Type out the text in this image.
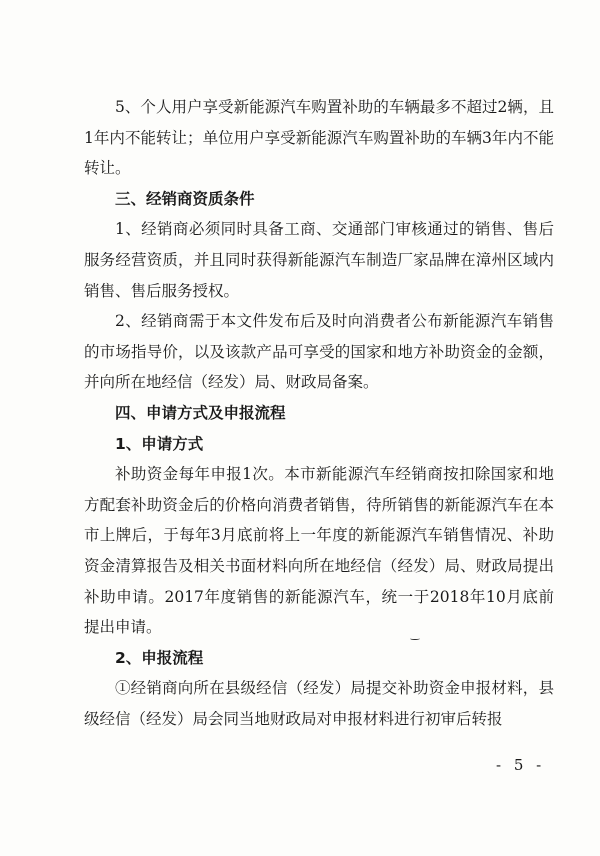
5、个人用户享受新能源汽车购置补助的车辆最多不超过2辆，且1年内不能转让；单位用户享受新能源汽车购置补助的车辆3年内不能转让。

三、经销商资质条件

1、经销商必须同时具备工商、交通部门审核通过的销售、售后服务经营资质，并且同时获得新能源汽车制造厂家品牌在漳州区域内销售、售后服务授权。

2、经销商需于本文件发布后及时向消费者公布新能源汽车销售的市场指导价，以及该款产品可享受的国家和地方补助资金的金额，并向所在地经信（经发）局、财政局备案。

四、申请方式及申报流程

1、申请方式

补助资金每年申报1次。本市新能源汽车经销商按扣除国家和地方配套补助资金后的价格向消费者销售，待所销售的新能源汽车在本市上牌后，于每年3月底前将上一年度的新能源汽车销售情况、补助资金清算报告及相关书面材料向所在地经信（经发）局、财政局提出补助申请。2017年度销售的新能源汽车，统一于2018年10月底前提出申请。

2、申报流程

①经销商向所在县级经信（经发）局提交补助资金申报材料，县级经信（经发）局会同当地财政局对申报材料进行初审后转报

- 5 -
